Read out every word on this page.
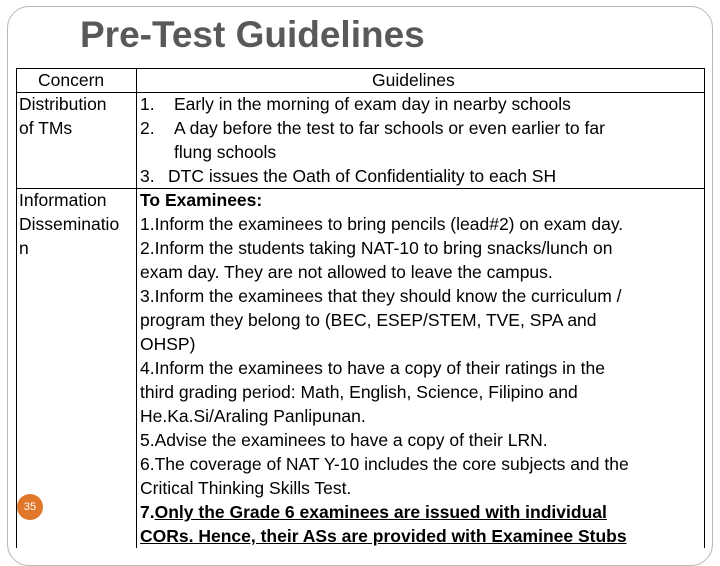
Pre-Test Guidelines
Concern	Guidelines
Distribution
of TMs
1. Early in the morning of exam day in nearby schools
2. A day before the test to far schools or even earlier to far
flung schools
3. DTC issues the Oath of Confidentiality to each SH
Information
Disseminatio
n
To Examinees:
1.Inform the examinees to bring pencils (lead#2) on exam day.
2.Inform the students taking NAT-10 to bring snacks/lunch on
exam day. They are not allowed to leave the campus.
3.Inform the examinees that they should know the curriculum /
program they belong to (BEC, ESEP/STEM, TVE, SPA and
OHSP)
4.Inform the examinees to have a copy of their ratings in the
third grading period: Math, English, Science, Filipino and
He.Ka.Si/Araling Panlipunan.
5.Advise the examinees to have a copy of their LRN.
6.The coverage of NAT Y-10 includes the core subjects and the
Critical Thinking Skills Test.
7.Only the Grade 6 examinees are issued with individual
CORs. Hence, their ASs are provided with Examinee Stubs
35
